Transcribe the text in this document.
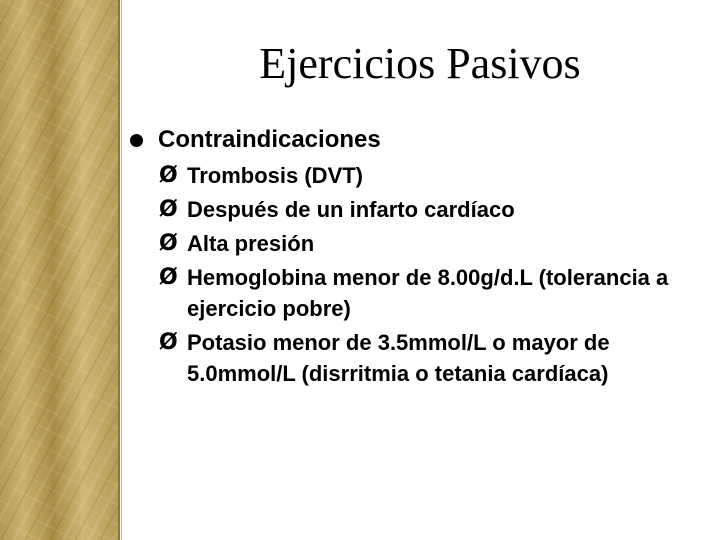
Ejercicios Pasivos
Contraindicaciones
Ø Trombosis (DVT)
Ø Después de un infarto cardíaco
Ø Alta presión
Ø Hemoglobina menor de 8.00g/d.L (tolerancia a ejercicio pobre)
Ø Potasio menor de 3.5mmol/L o mayor de 5.0mmol/L (disrritmia o tetania cardíaca)
